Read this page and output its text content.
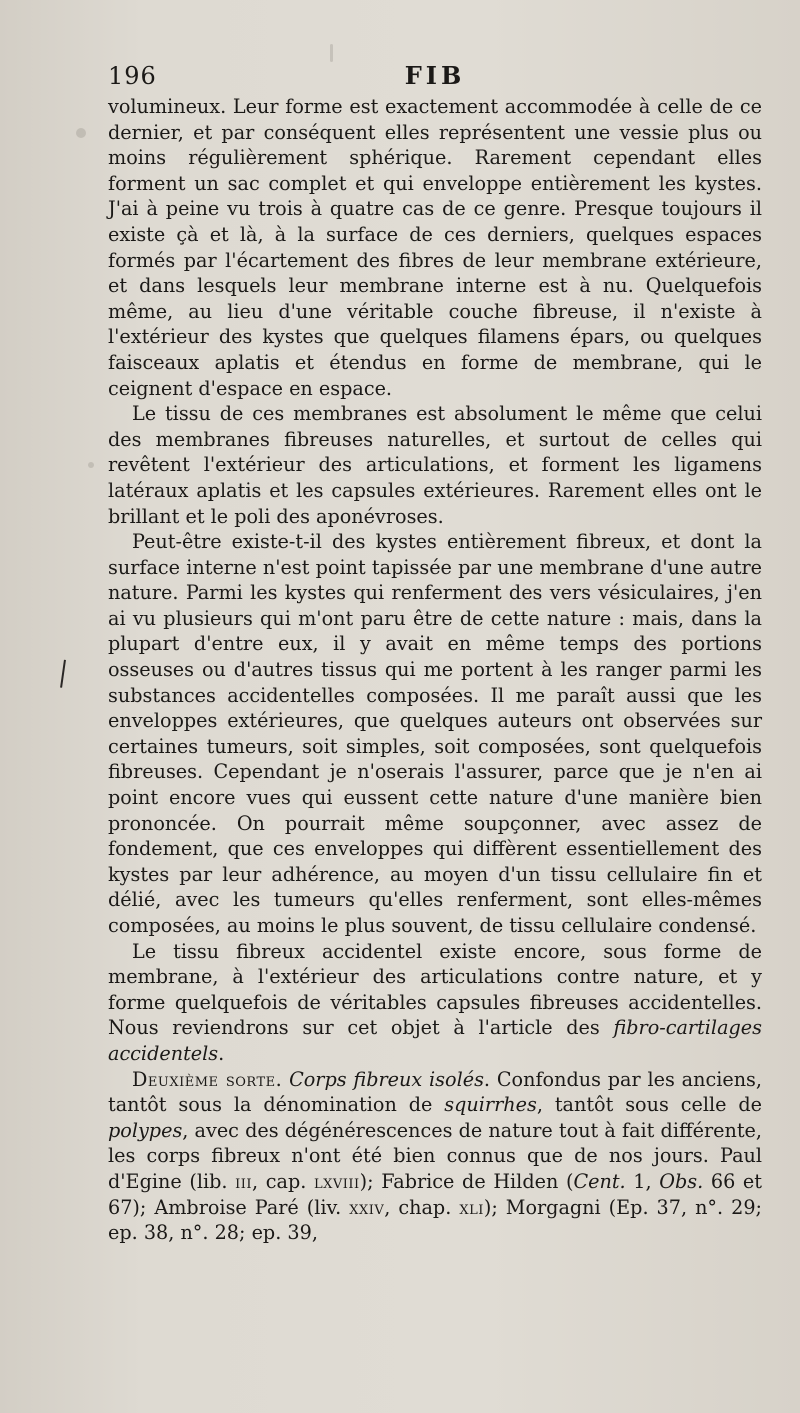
196	FIB

volumineux. Leur forme est exactement accommodée à celle de ce dernier, et par conséquent elles représentent une vessie plus ou moins régulièrement sphérique. Rarement cependant elles forment un sac complet et qui enveloppe entièrement les kystes. J'ai à peine vu trois à quatre cas de ce genre. Presque toujours il existe çà et là, à la surface de ces derniers, quelques espaces formés par l'écartement des fibres de leur membrane extérieure, et dans lesquels leur membrane interne est à nu. Quelquefois même, au lieu d'une véritable couche fibreuse, il n'existe à l'extérieur des kystes que quelques filamens épars, ou quelques faisceaux aplatis et étendus en forme de membrane, qui le ceignent d'espace en espace.

Le tissu de ces membranes est absolument le même que celui des membranes fibreuses naturelles, et surtout de celles qui revêtent l'extérieur des articulations, et forment les ligamens latéraux aplatis et les capsules extérieures. Rarement elles ont le brillant et le poli des aponévroses.

Peut-être existe-t-il des kystes entièrement fibreux, et dont la surface interne n'est point tapissée par une membrane d'une autre nature. Parmi les kystes qui renferment des vers vésiculaires, j'en ai vu plusieurs qui m'ont paru être de cette nature : mais, dans la plupart d'entre eux, il y avait en même temps des portions osseuses ou d'autres tissus qui me portent à les ranger parmi les substances accidentelles composées. Il me paraît aussi que les enveloppes extérieures, que quelques auteurs ont observées sur certaines tumeurs, soit simples, soit composées, sont quelquefois fibreuses. Cependant je n'oserais l'assurer, parce que je n'en ai point encore vues qui eussent cette nature d'une manière bien prononcée. On pourrait même soupçonner, avec assez de fondement, que ces enveloppes qui diffèrent essentiellement des kystes par leur adhérence, au moyen d'un tissu cellulaire fin et délié, avec les tumeurs qu'elles renferment, sont elles-mêmes composées, au moins le plus souvent, de tissu cellulaire condensé.

Le tissu fibreux accidentel existe encore, sous forme de membrane, à l'extérieur des articulations contre nature, et y forme quelquefois de véritables capsules fibreuses accidentelles. Nous reviendrons sur cet objet à l'article des fibro-cartilages accidentels.

Deuxième sorte. Corps fibreux isolés. Confondus par les anciens, tantôt sous la dénomination de squirrhes, tantôt sous celle de polypes, avec des dégénérescences de nature tout à fait différente, les corps fibreux n'ont été bien connus que de nos jours. Paul d'Egine (lib. iii, cap. lxviii); Fabrice de Hilden (Cent. 1, Obs. 66 et 67); Ambroise Paré (liv. xxiv, chap. xli); Morgagni (Ep. 37, n°. 29; ep. 38, n°. 28; ep. 39,
